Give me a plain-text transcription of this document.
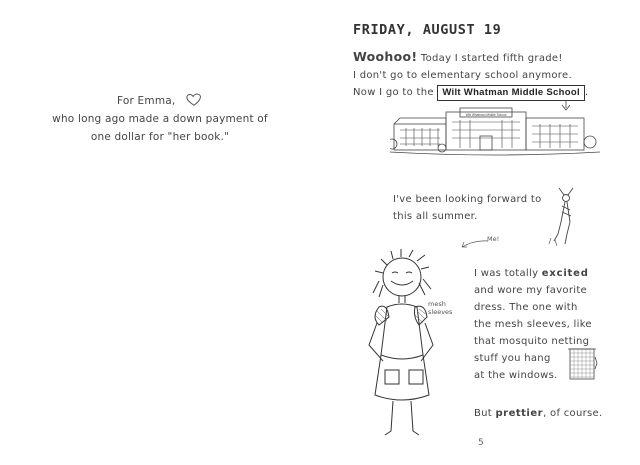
For Emma,
who long ago made a down payment of
one dollar for "her book."
FRIDAY, AUGUST 19
Woohoo! Today I started fifth grade!
I don't go to elementary school anymore.
Now I go to the Wilt Whatman Middle School .
Wilt Whatman Middle School
I've been looking forward to
this all summer.
Me!
mesh
sleeves
I was totally excited
and wore my favorite
dress. The one with
the mesh sleeves, like
that mosquito netting
stuff you hang
at the windows.
But prettier, of course.
5
